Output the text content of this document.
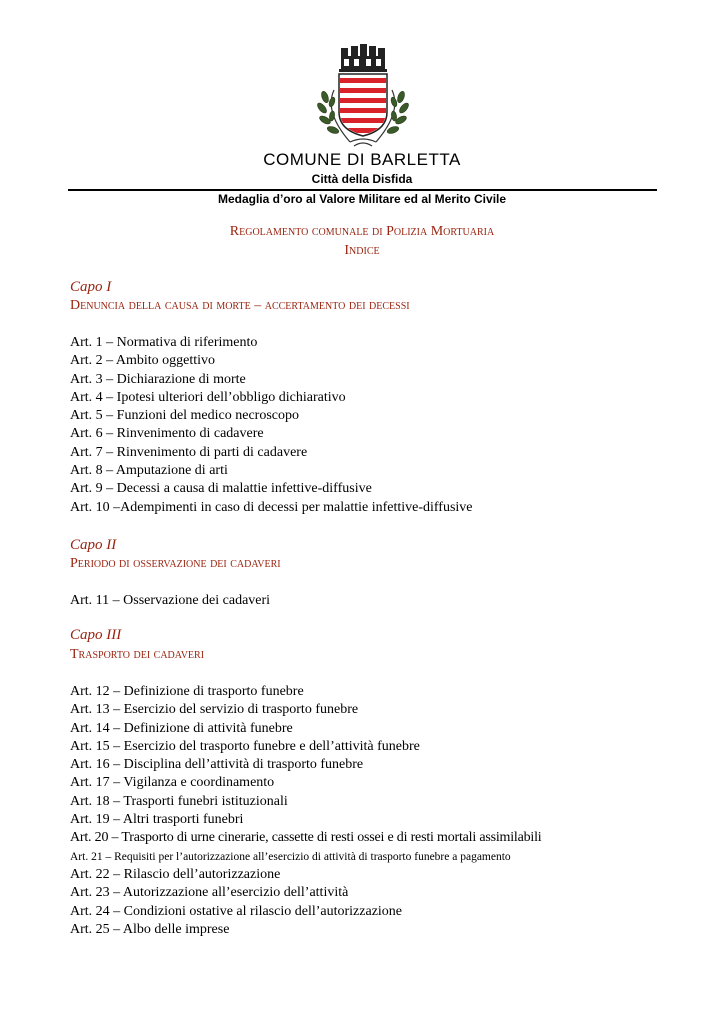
COMUNE DI BARLETTA
Città della Disfida
Medaglia d’oro al Valore Militare ed al Merito Civile
Regolamento comunale di Polizia Mortuaria
Indice
Capo I
Denuncia della causa di morte – accertamento dei decessi
Art. 1 – Normativa di riferimento
Art. 2 – Ambito oggettivo
Art. 3 – Dichiarazione di morte
Art. 4 – Ipotesi ulteriori dell’obbligo dichiarativo
Art. 5 – Funzioni del medico necroscopo
Art. 6 – Rinvenimento di cadavere
Art. 7 – Rinvenimento di parti di cadavere
Art. 8 – Amputazione di arti
Art. 9 – Decessi a causa di malattie infettive-diffusive
Art. 10 –Adempimenti in caso di decessi per malattie infettive-diffusive
Capo II
Periodo di osservazione dei cadaveri
Art. 11 – Osservazione dei cadaveri
Capo III
Trasporto dei cadaveri
Art. 12 – Definizione di trasporto funebre
Art. 13 – Esercizio del servizio di trasporto funebre
Art. 14 – Definizione di attività funebre
Art. 15 – Esercizio del trasporto funebre e dell’attività funebre
Art. 16 – Disciplina dell’attività di trasporto funebre
Art. 17 – Vigilanza e coordinamento
Art. 18 – Trasporti funebri istituzionali
Art. 19 – Altri trasporti funebri
Art. 20 – Trasporto di urne cinerarie, cassette di resti ossei e di resti mortali assimilabili
Art. 21 – Requisiti per l’autorizzazione all’esercizio di attività di trasporto funebre a pagamento
Art. 22 – Rilascio dell’autorizzazione
Art. 23 – Autorizzazione all’esercizio dell’attività
Art. 24 – Condizioni ostative al rilascio dell’autorizzazione
Art. 25 – Albo delle imprese
